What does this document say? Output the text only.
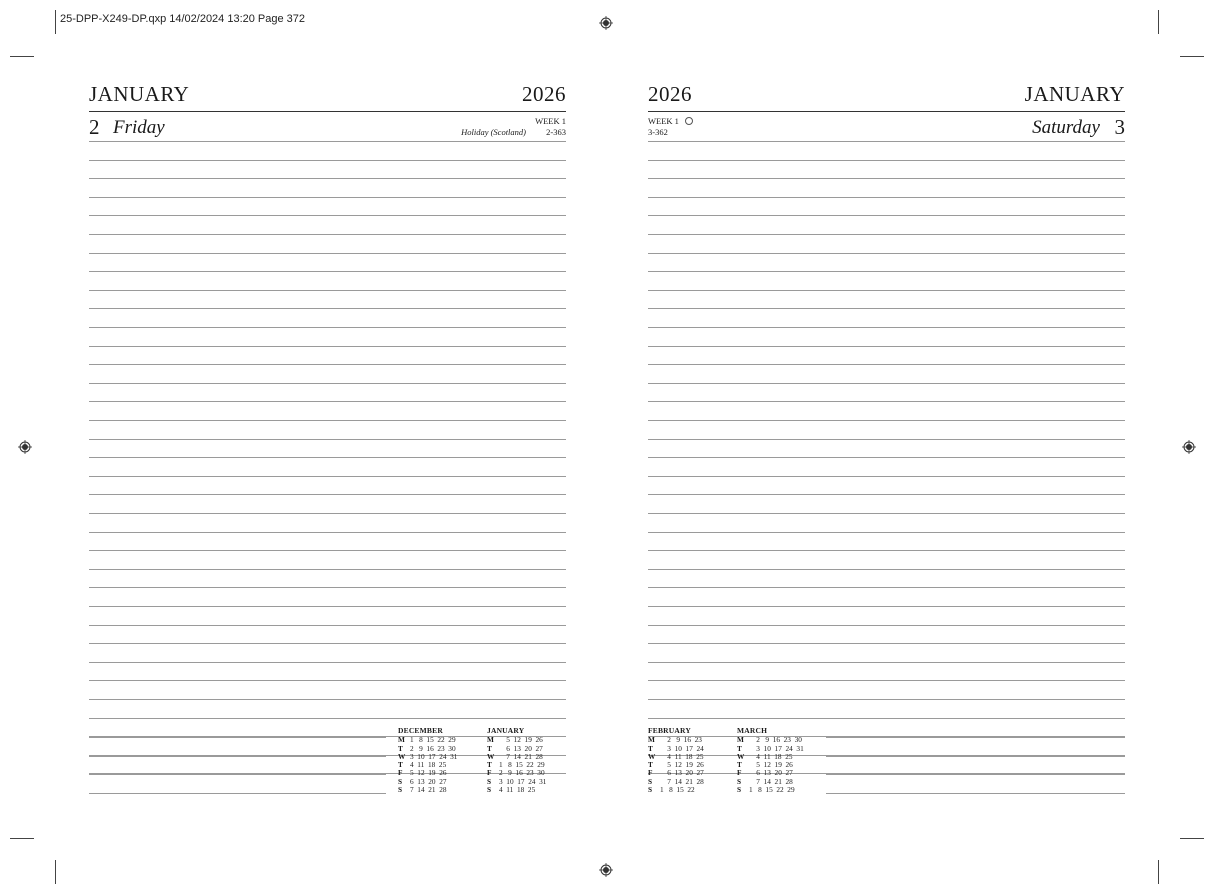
25-DPP-X249-DP.qxp 14/02/2024 13:20 Page 372
JANUARY	2026
2 Friday	WEEK 1
Holiday (Scotland) 2-363
DECEMBER
M 1   8  15  22  29
T 2   9  16  23  30
W 3  10  17  24  31
T 4  11  18  25
F	5  12  19  26
S	6  13  20  27
S	7  14  21  28
JANUARY
M 5  12  19  26
T 6  13  20  27
W 7  14  21  28
T 1   8  15  22  29
F	2   9  16  23  30
S	3  10  17  24  31
S	4  11  18  25
2026	JANUARY
WEEK 1
3-362	Saturday 3
FEBRUARY
M 2   9  16  23
T 3  10  17  24
W 4  11  18  25
T 5  12  19  26
F	6  13  20  27
S	7  14  21  28
S	1   8  15  22
MARCH
M 2   9  16  23  30
T 3  10  17  24  31
W 4  11  18  25
T 5  12  19  26
F	6  13  20  27
S	7  14  21  28
S	1   8  15  22  29
